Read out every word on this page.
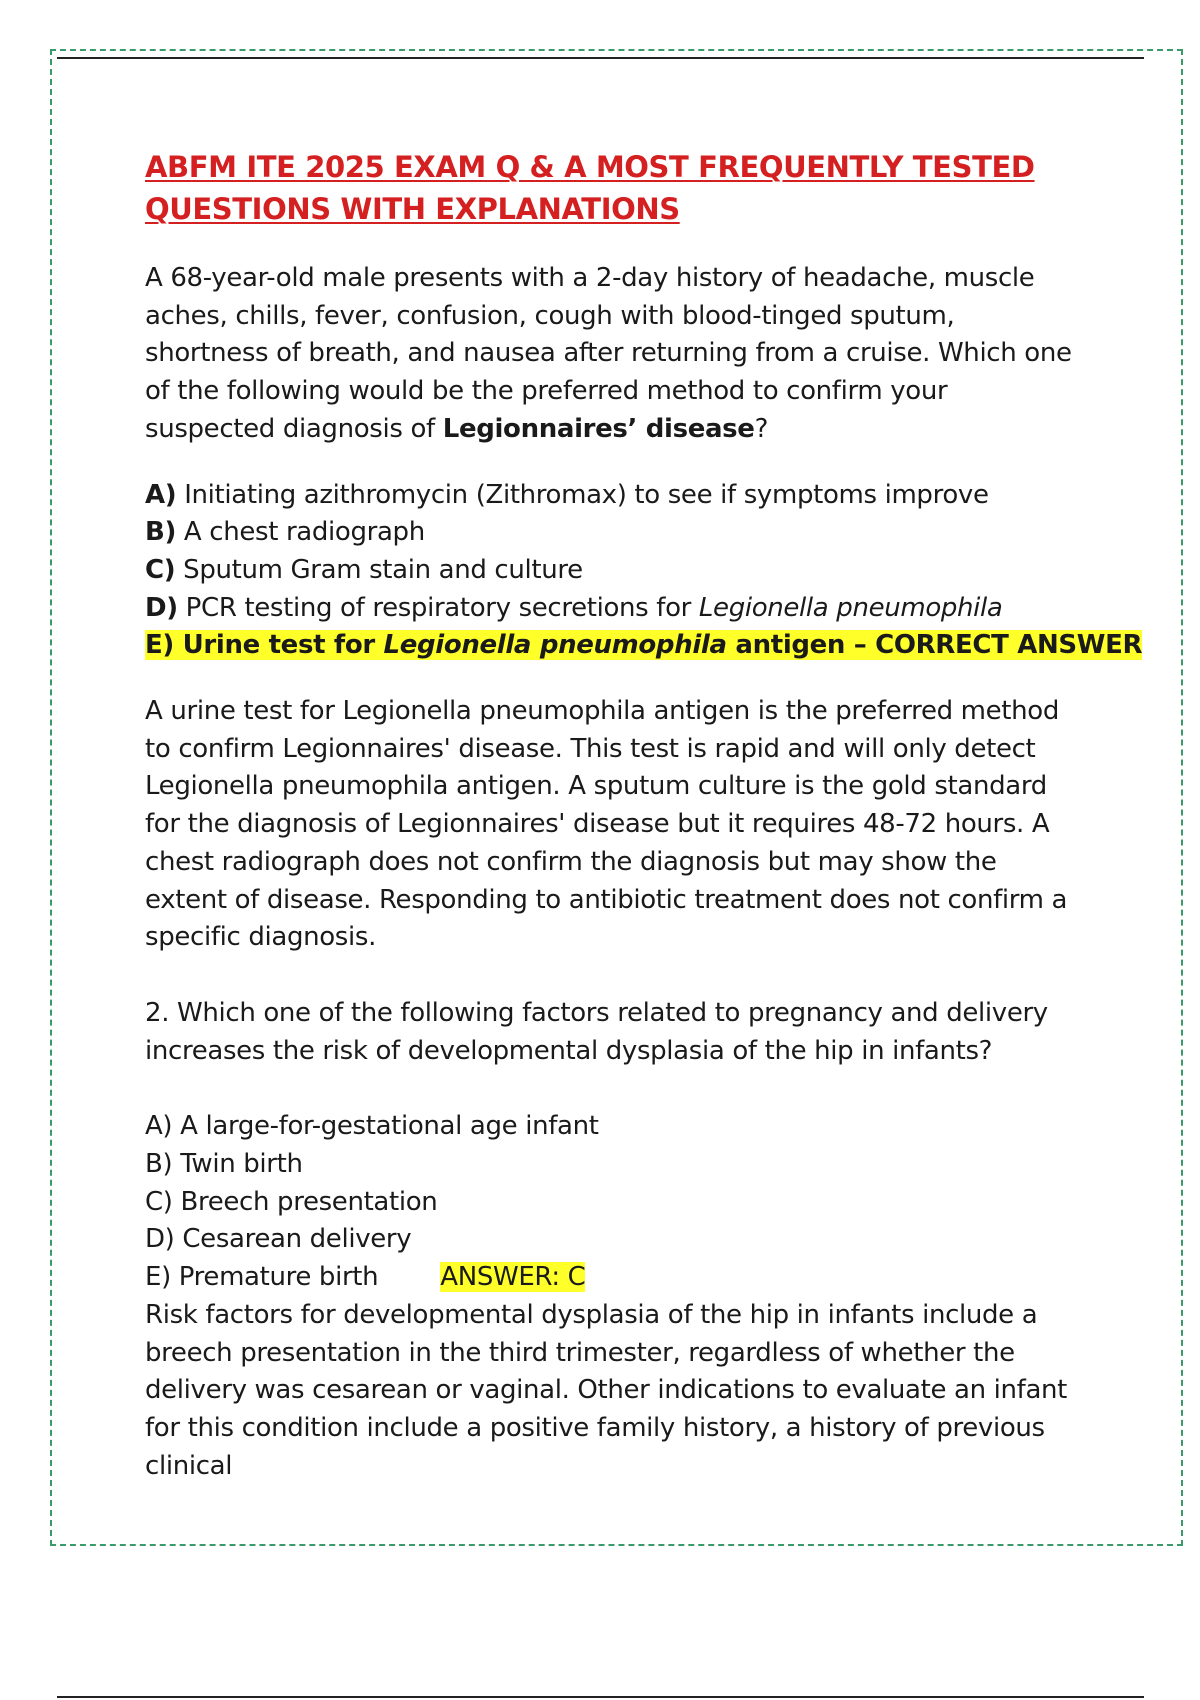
ABFM ITE 2025 EXAM Q & A MOST FREQUENTLY TESTED QUESTIONS WITH EXPLANATIONS

A 68-year-old male presents with a 2-day history of headache, muscle aches, chills, fever, confusion, cough with blood-tinged sputum, shortness of breath, and nausea after returning from a cruise. Which one of the following would be the preferred method to confirm your suspected diagnosis of Legionnaires’ disease?

A) Initiating azithromycin (Zithromax) to see if symptoms improve
B) A chest radiograph
C) Sputum Gram stain and culture
D) PCR testing of respiratory secretions for Legionella pneumophila
E) Urine test for Legionella pneumophila antigen – CORRECT ANSWER

A urine test for Legionella pneumophila antigen is the preferred method to confirm Legionnaires' disease. This test is rapid and will only detect Legionella pneumophila antigen. A sputum culture is the gold standard for the diagnosis of Legionnaires' disease but it requires 48-72 hours. A chest radiograph does not confirm the diagnosis but may show the extent of disease. Responding to antibiotic treatment does not confirm a specific diagnosis.

2. Which one of the following factors related to pregnancy and delivery increases the risk of developmental dysplasia of the hip in infants?

A) A large-for-gestational age infant
B) Twin birth
C) Breech presentation
D) Cesarean delivery
E) Premature birth ANSWER: C

Risk factors for developmental dysplasia of the hip in infants include a breech presentation in the third trimester, regardless of whether the delivery was cesarean or vaginal. Other indications to evaluate an infant for this condition include a positive family history, a history of previous clinical
